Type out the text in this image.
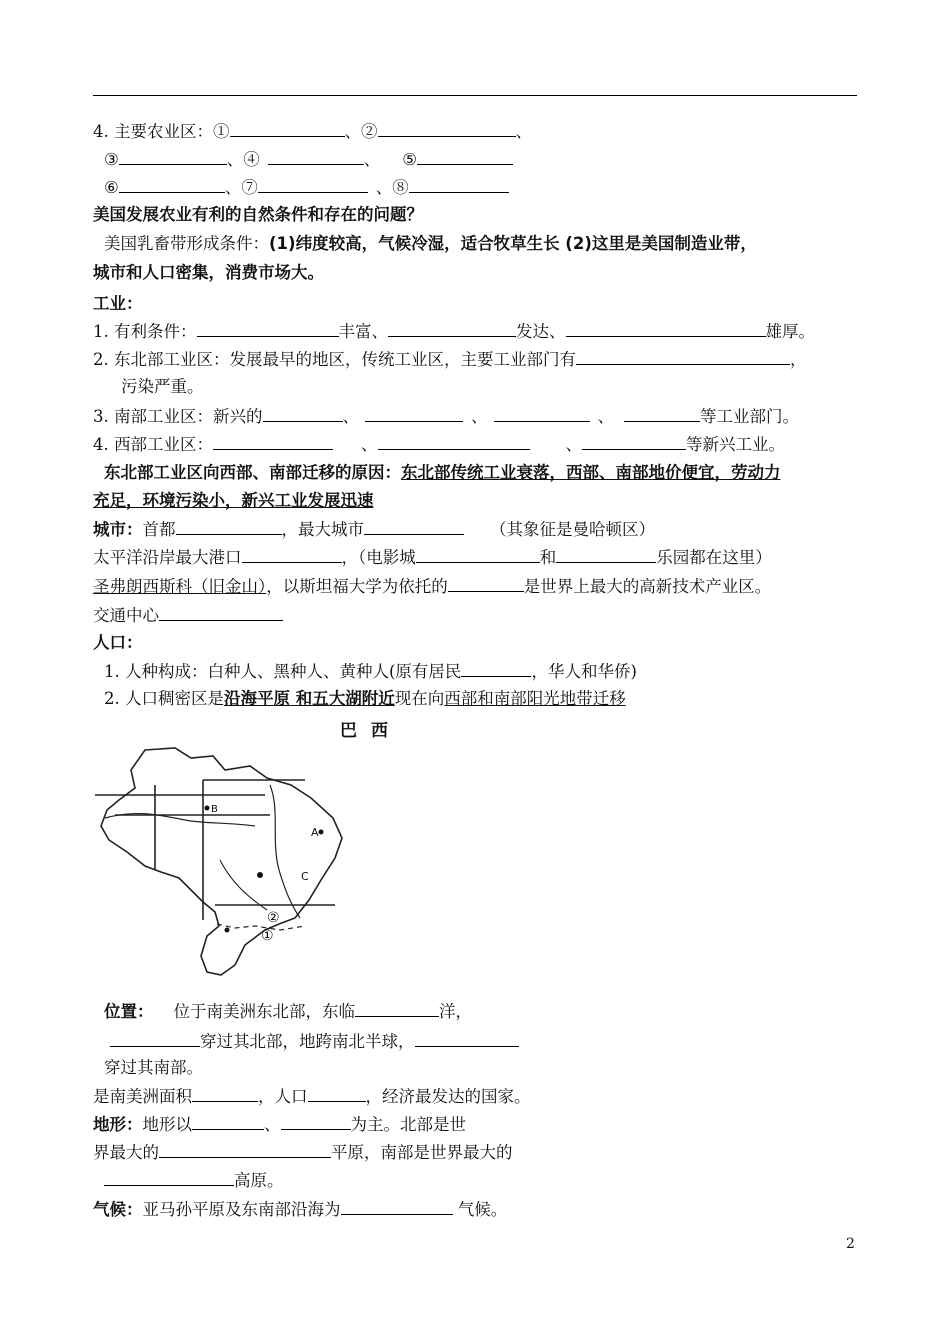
4. 主要农业区：①	、②	、
③	、④	、 ⑤
⑥	、⑦	、⑧
美国发展农业有利的自然条件和存在的问题？
美国乳畜带形成条件：(1)纬度较高，气候冷湿，适合牧草生长 (2)这里是美国制造业带，
城市和人口密集，消费市场大。
工业：
1. 有利条件：	丰富、	发达、	雄厚。
2. 东北部工业区：发展最早的地区，传统工业区，主要工业部门有	，
污染严重。
3. 南部工业区：新兴的	、	、	、	等工业部门。
4. 西部工业区：	、	、	等新兴工业。
东北部工业区向西部、南部迁移的原因：东北部传统工业衰落，西部、南部地价便宜，劳动力
充足，环境污染小，新兴工业发展迅速
城市：首都	，最大城市	（其象征是曼哈顿区）
太平洋沿岸最大港口	，（电影城	和	乐园都在这里）
圣弗朗西斯科（旧金山），以斯坦福大学为依托的	是世界上最大的高新技术产业区。
交通中心
人口：
1. 人种构成：白种人、黑种人、黄种人(原有居民	，华人和华侨)
2. 人口稠密区是沿海平原 和五大湖附近现在向西部和南部阳光地带迁移
巴西
B
A
C
②
①
位置： 位于南美洲东北部，东临	洋，
穿过其北部，地跨南北半球，
穿过其南部。
是南美洲面积	，人口	，经济最发达的国家。
地形：地形以	、	为主。北部是世
界最大的	平原，南部是世界最大的
高原。
气候：亚马孙平原及东南部沿海为	气候。
2
